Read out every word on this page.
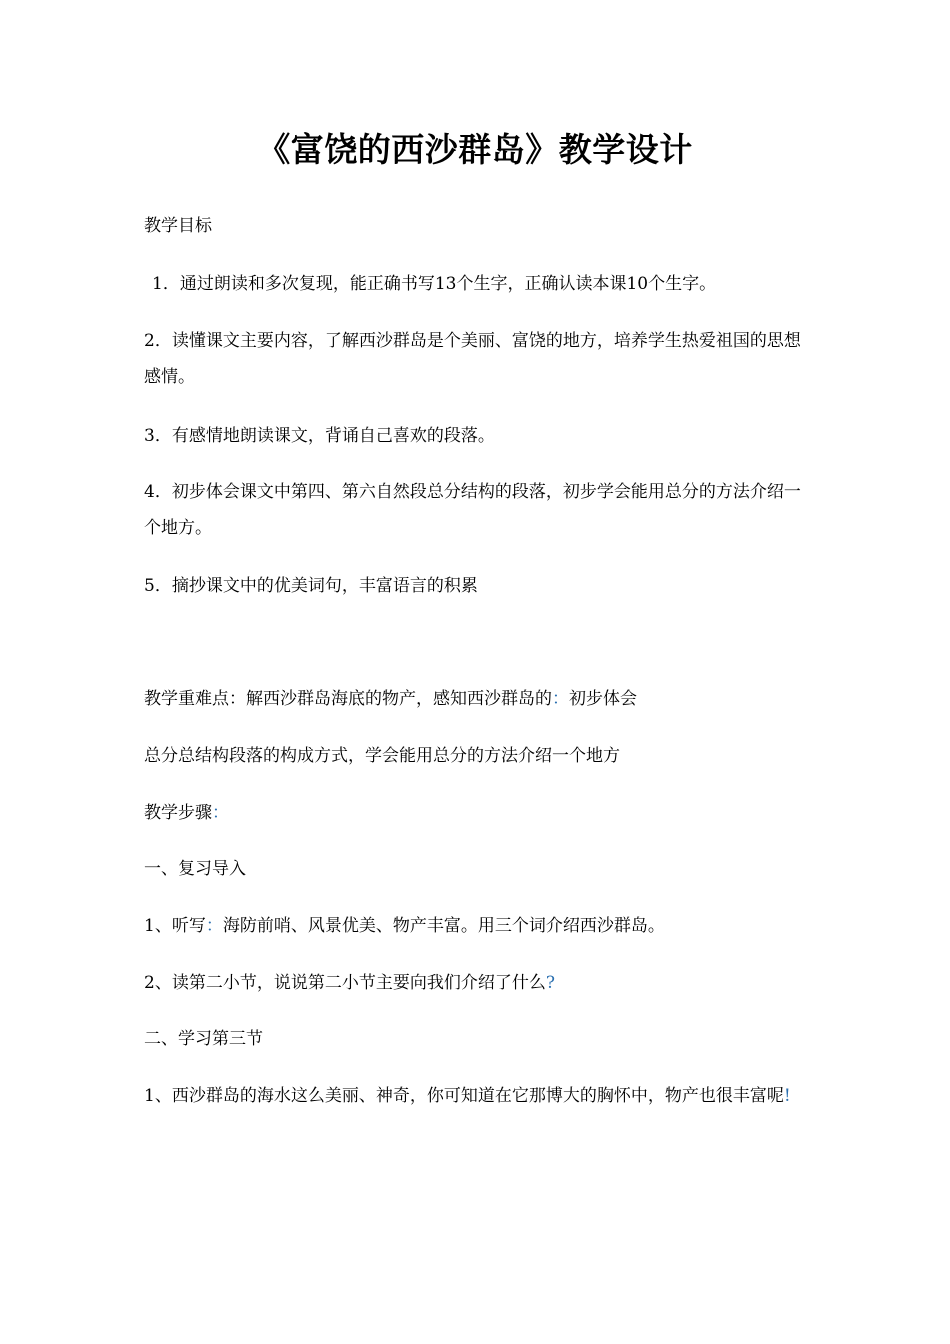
《富饶的西沙群岛》教学设计

教学目标

1．通过朗读和多次复现，能正确书写13个生字，正确认读本课10个生字。

2．读懂课文主要内容，了解西沙群岛是个美丽、富饶的地方，培养学生热爱祖国的思想感情。

3．有感情地朗读课文，背诵自己喜欢的段落。

4．初步体会课文中第四、第六自然段总分结构的段落，初步学会能用总分的方法介绍一个地方。

5．摘抄课文中的优美词句，丰富语言的积累

教学重难点：解西沙群岛海底的物产，感知西沙群岛的：初步体会

总分总结构段落的构成方式，学会能用总分的方法介绍一个地方

教学步骤：

一、复习导入

1、听写：海防前哨、风景优美、物产丰富。用三个词介绍西沙群岛。

2、读第二小节，说说第二小节主要向我们介绍了什么?

二、学习第三节

1、西沙群岛的海水这么美丽、神奇，你可知道在它那博大的胸怀中，物产也很丰富呢!
